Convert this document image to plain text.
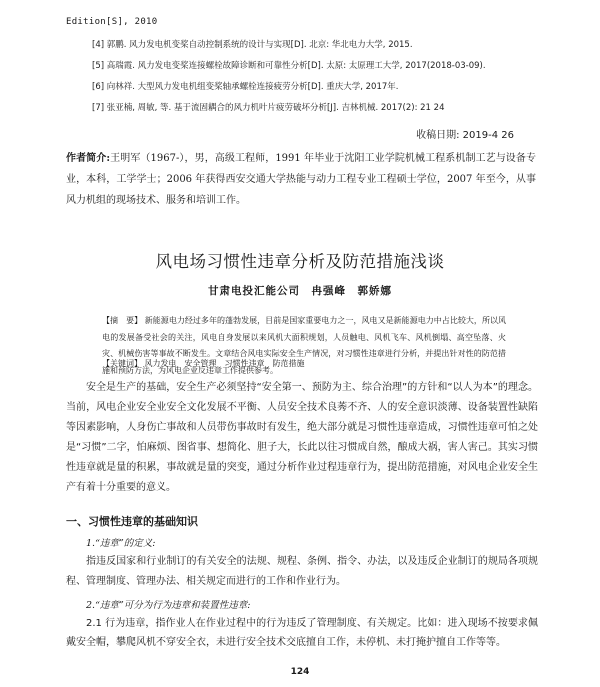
Edition[S], 2010
[4] 郭鹏. 风力发电机变桨自动控制系统的设计与实现[D]. 北京: 华北电力大学, 2015.
[5] 高瑞霞. 风力发电变桨连接螺栓故障诊断和可靠性分析[D]. 太原: 太原理工大学, 2017(2018-03-09).
[6] 向林祥. 大型风力发电机组变桨轴承螺栓连接疲劳分析[D]. 重庆大学, 2017年.
[7] 张亚楠, 周敏, 等. 基于流固耦合的风力机叶片疲劳破坏分析[J]. 吉林机械. 2017(2): 21 24
收稿日期: 2019-4 26
作者简介:王明军（1967-），男，高级工程师，1991 年毕业于沈阳工业学院机械工程系机制工艺与设备专业，本科，工学学士；2006 年获得西安交通大学热能与动力工程专业工程硕士学位，2007 年至今，从事风力机组的现场技术、服务和培训工作。
风电场习惯性违章分析及防范措施浅谈
甘肃电投汇能公司　冉强峰　郭娇娜
【摘　要】 新能源电力经过多年的蓬勃发展，目前是国家重要电力之一，风电又是新能源电力中占比较大，所以风电的发展备受社会的关注，风电自身发展以来风机大面积规划，人员触电、风机飞车、风机倒塌、高空坠落、火灾、机械伤害等事故不断发生。文章结合风电实际安全生产情况，对习惯性违章进行分析，并提出针对性的防范措施和预防方法，为风电企业反违章工作提供参考。
【关键词】 风力发电　安全管理　习惯性违章　防范措施
安全是生产的基础，安全生产必须坚持“安全第一、预防为主、综合治理”的方针和“以人为本”的理念。当前，风电企业安全业安全文化发展不平衡、人员安全技术良莠不齐、人的安全意识淡薄、设备装置性缺陷等因素影响，人身伤亡事故和人员带伤事故时有发生，绝大部分就是习惯性违章造成，习惯性违章可怕之处是“习惯”二字，怕麻烦、图省事、想简化、胆子大，长此以往习惯成自然，酿成大祸，害人害己。其实习惯性违章就是量的积累，事故就是量的突变，通过分析作业过程违章行为，提出防范措施，对风电企业安全生产有着十分重要的意义。
一、习惯性违章的基础知识
1.“违章”的定义:
指违反国家和行业制订的有关安全的法规、规程、条例、指令、办法，以及违反企业制订的规局各项规程、管理制度、管理办法、相关规定而进行的工作和作业行为。
2.“违章”可分为行为违章和装置性违章:
2.1 行为违章，指作业人在作业过程中的行为违反了管理制度、有关规定。比如：进入现场不按要求佩戴安全帽，攀爬风机不穿安全衣，未进行安全技术交底擅自工作，未停机、未打掩护擅自工作等等。
124
